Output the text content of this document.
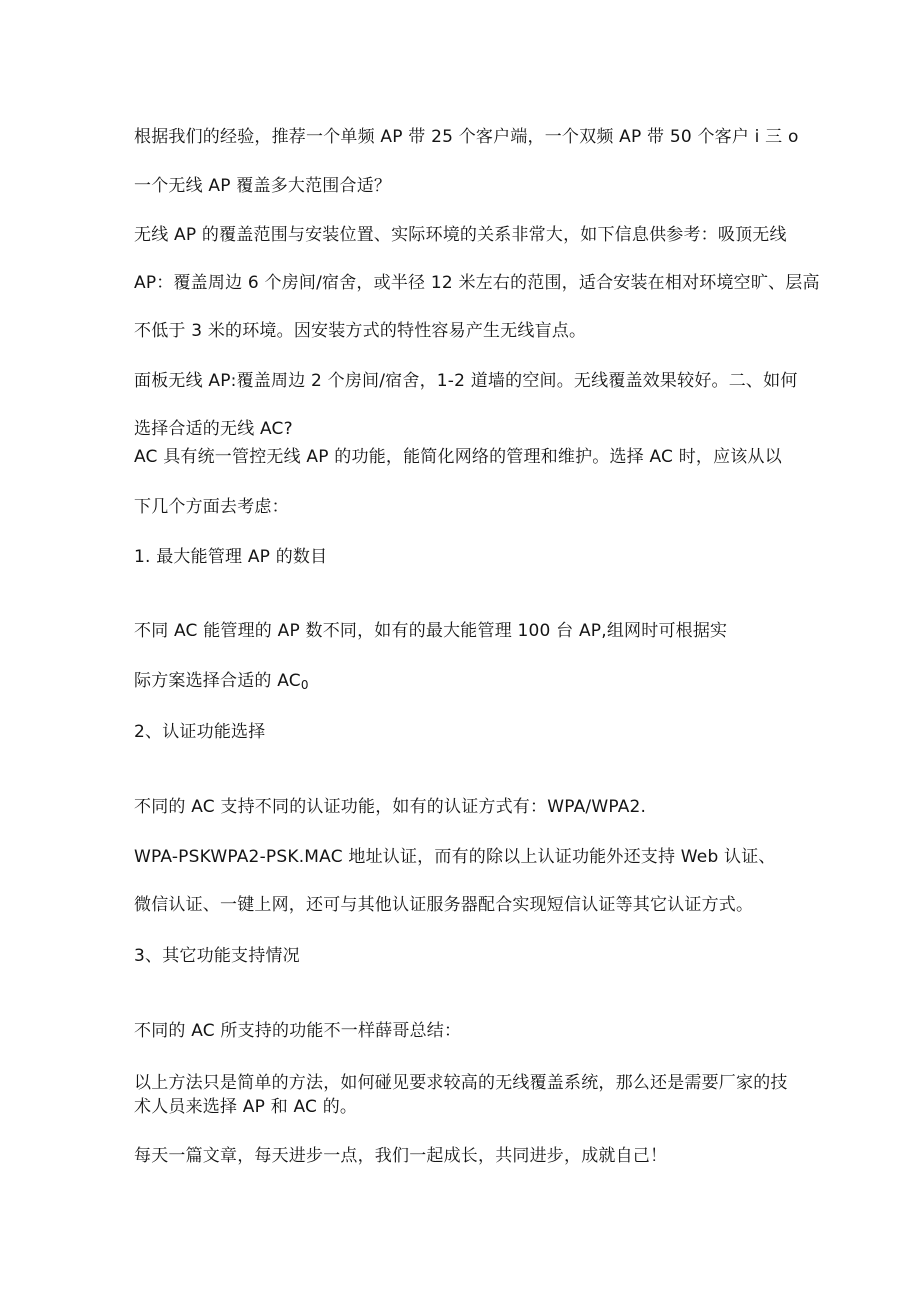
根据我们的经验，推荐一个单频 AP 带 25 个客户端，一个双频 AP 带 50 个客户 i 三 o

一个无线 AP 覆盖多大范围合适？

无线 AP 的覆盖范围与安装位置、实际环境的关系非常大，如下信息供参考：吸顶无线

AP：覆盖周边 6 个房间/宿舍，或半径 12 米左右的范围，适合安装在相对环境空旷、层高

不低于 3 米的环境。因安装方式的特性容易产生无线盲点。

面板无线 AP:覆盖周边 2 个房间/宿舍，1-2 道墙的空间。无线覆盖效果较好。二、如何

选择合适的无线 AC?

AC 具有统一管控无线 AP 的功能，能简化网络的管理和维护。选择 AC 时，应该从以

下几个方面去考虑：

1. 最大能管理 AP 的数目

不同 AC 能管理的 AP 数不同，如有的最大能管理 100 台 AP,组网时可根据实

际方案选择合适的 $AC_0$

2、认证功能选择

不同的 AC 支持不同的认证功能，如有的认证方式有：WPA/WPA2.

WPA-PSKWPA2-PSK.MAC 地址认证，而有的除以上认证功能外还支持 Web 认证、

微信认证、一键上网，还可与其他认证服务器配合实现短信认证等其它认证方式。

3、其它功能支持情况

不同的 AC 所支持的功能不一样薛哥总结：

以上方法只是简单的方法，如何碰见要求较高的无线覆盖系统，那么还是需要厂家的技

术人员来选择 AP 和 AC 的。

每天一篇文章，每天进步一点，我们一起成长，共同进步，成就自己！
